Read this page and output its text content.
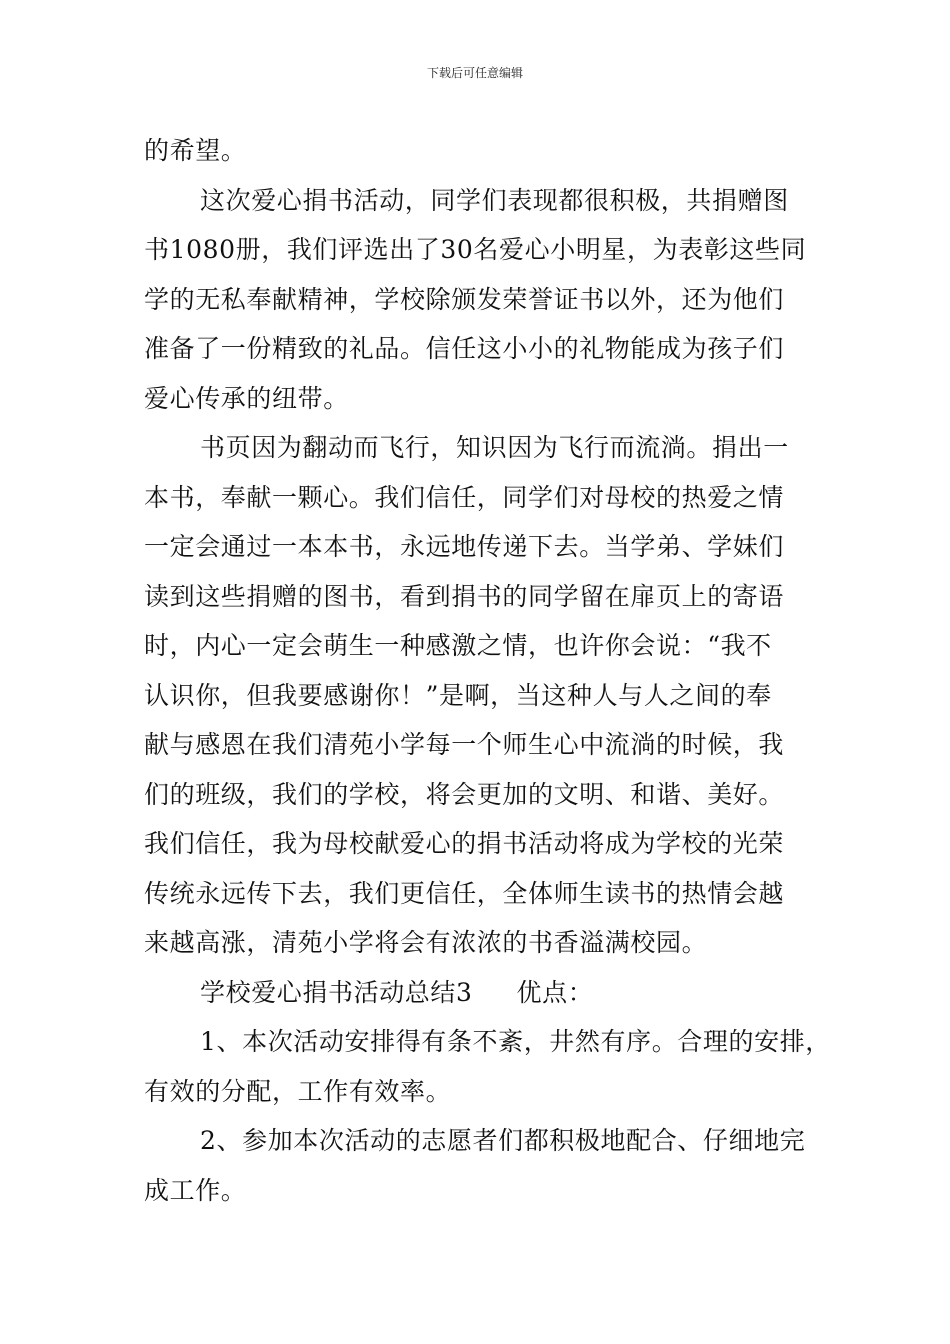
下载后可任意编辑
的希望。
这次爱心捐书活动，同学们表现都很积极，共捐赠图
书1080册，我们评选出了30名爱心小明星，为表彰这些同
学的无私奉献精神，学校除颁发荣誉证书以外，还为他们
准备了一份精致的礼品。信任这小小的礼物能成为孩子们
爱心传承的纽带。
书页因为翻动而飞行，知识因为飞行而流淌。捐出一
本书，奉献一颗心。我们信任，同学们对母校的热爱之情
一定会通过一本本书，永远地传递下去。当学弟、学妹们
读到这些捐赠的图书，看到捐书的同学留在扉页上的寄语
时，内心一定会萌生一种感激之情，也许你会说：“我不
认识你，但我要感谢你！”是啊，当这种人与人之间的奉
献与感恩在我们清苑小学每一个师生心中流淌的时候，我
们的班级，我们的学校，将会更加的文明、和谐、美好。
我们信任，我为母校献爱心的捐书活动将成为学校的光荣
传统永远传下去，我们更信任，全体师生读书的热情会越
来越高涨，清苑小学将会有浓浓的书香溢满校园。
学校爱心捐书活动总结3 优点：
1、本次活动安排得有条不紊，井然有序。合理的安排，
有效的分配，工作有效率。
2、参加本次活动的志愿者们都积极地配合、仔细地完
成工作。
